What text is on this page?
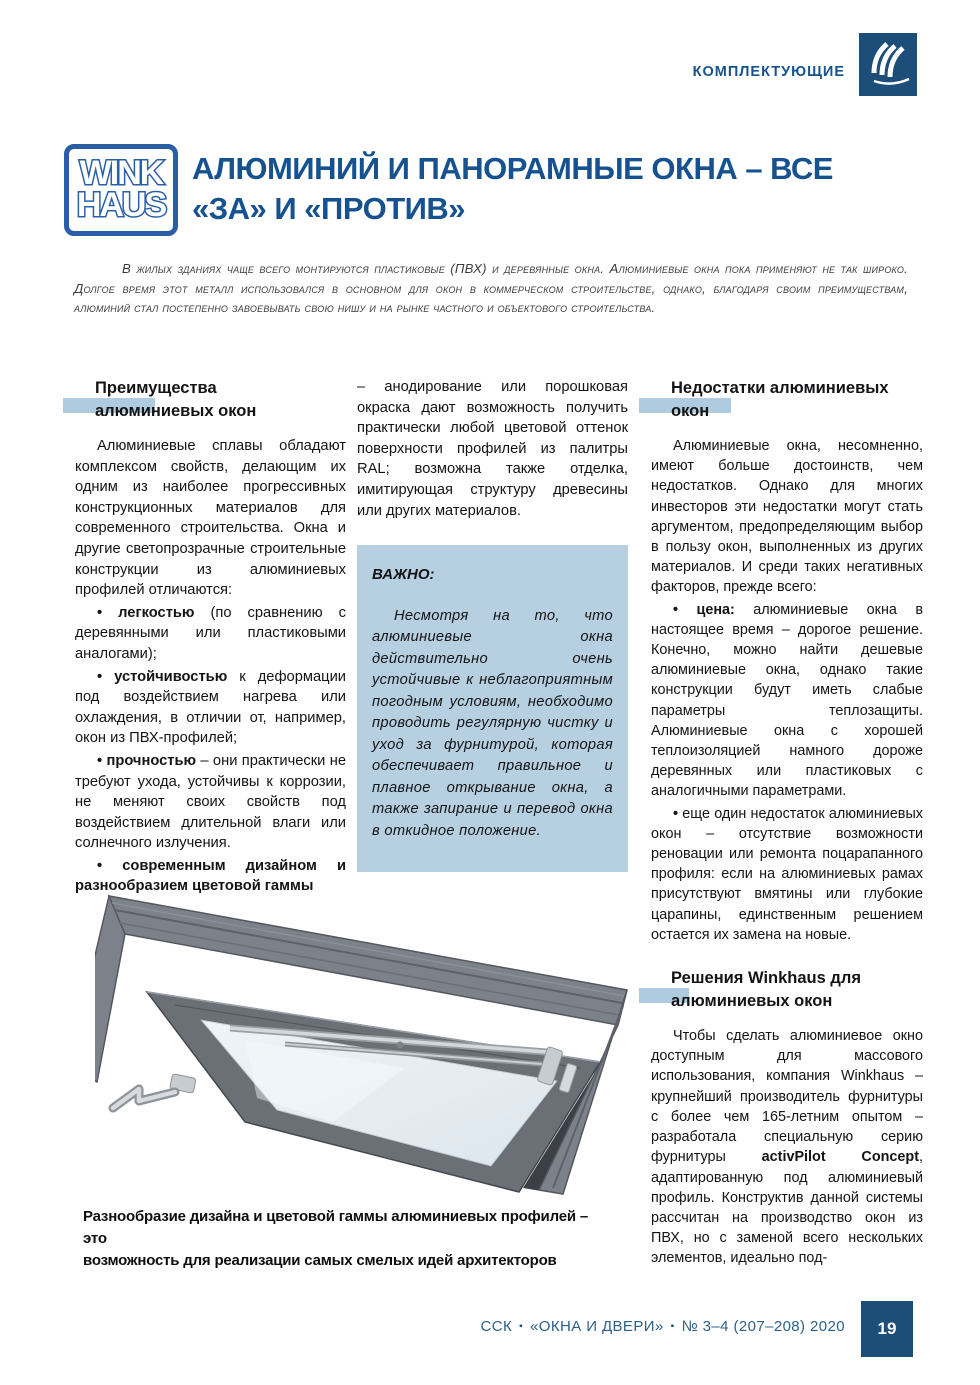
КОМПЛЕКТУЮЩИЕ
WINK
HAUS
АЛЮМИНИЙ И ПАНОРАМНЫЕ ОКНА – ВСЕ
«ЗА» И «ПРОТИВ»
В жилых зданиях чаще всего монтируются пластиковые (ПВХ) и деревянные окна. Алюминиевые окна пока применяют не так широко. Долгое время этот металл использовался в основном для окон в коммерческом строительстве, однако, благодаря своим преимуществам, алюминий стал постепенно завоевывать свою нишу и на рынке частного и объектового строительства.
Преимущества
алюминиевых окон

Алюминиевые сплавы обладают комплексом свойств, делающим их одним из наиболее прогрессивных конструкционных материалов для современного строительства. Окна и другие светопрозрачные строительные конструкции из алюминиевых профилей отличаются:

• легкостью (по сравнению с деревянными или пластиковыми аналогами);

• устойчивостью к деформации под воздействием нагрева или охлаждения, в отличии от, например, окон из ПВХ-профилей;

• прочностью – они практически не требуют ухода, устойчивы к коррозии, не меняют своих свойств под воздействием длительной влаги или солнечного излучения.

• современным дизайном и разнообразием цветовой гаммы

– анодирование или порошковая окраска дают возможность получить практически любой цветовой оттенок поверхности профилей из палитры RAL; возможна также отделка, имитирующая структуру древесины или других материалов.

ВАЖНО:
Несмотря на то, что алюминиевые окна действительно очень устойчивые к неблагоприятным погодным условиям, необходимо проводить регулярную чистку и уход за фурнитурой, которая обеспечивает правильное и плавное открывание окна, а также запирание и перевод окна в откидное положение.
Недостатки алюминиевых
окон

Алюминиевые окна, несомненно, имеют больше достоинств, чем недостатков. Однако для многих инвесторов эти недостатки могут стать аргументом, предопределяющим выбор в пользу окон, выполненных из других материалов. И среди таких негативных факторов, прежде всего:

• цена: алюминиевые окна в настоящее время – дорогое решение. Конечно, можно найти дешевые алюминиевые окна, однако такие конструкции будут иметь слабые параметры теплозащиты. Алюминиевые окна с хорошей теплоизоляцией намного дороже деревянных или пластиковых с аналогичными параметрами.

• еще один недостаток алюминиевых окон – отсутствие возможности реновации или ремонта поцарапанного профиля: если на алюминиевых рамах присутствуют вмятины или глубокие царапины, единственным решением остается их замена на новые.

Решения Winkhaus для
алюминиевых окон

Чтобы сделать алюминиевое окно доступным для массового использования, компания Winkhaus – крупнейший производитель фурнитуры с более чем 165-летним опытом – разработала специальную серию фурнитуры activPilot Concept, адаптированную под алюминиевый профиль. Конструктив данной системы рассчитан на производство окон из ПВХ, но с заменой всего нескольких элементов, идеально под-

Разнообразие дизайна и цветовой гаммы алюминиевых профилей – это
возможность для реализации самых смелых идей архитекторов
ССК ▪ «ОКНА И ДВЕРИ» ▪ № 3–4 (207–208) 2020	19
